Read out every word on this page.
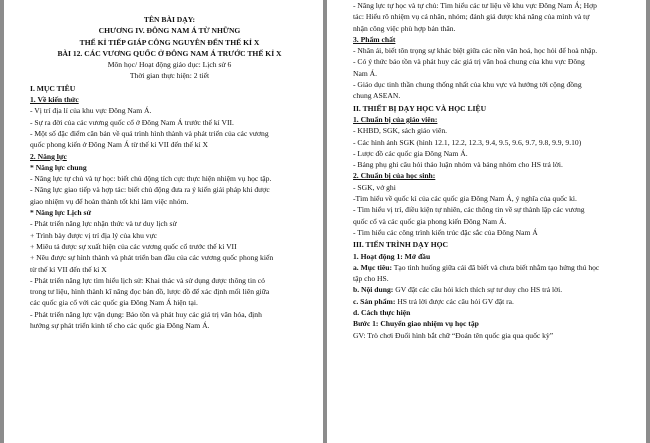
TÊN BÀI DẠY:
CHƯƠNG IV. ĐÔNG NAM Á TỪ NHỮNG
THẾ KỈ TIẾP GIÁP CÔNG NGUYÊN ĐẾN THẾ KỈ X
BÀI 12. CÁC VƯƠNG QUỐC Ở ĐÔNG NAM Á TRƯỚC THẾ KỈ X
Môn học/ Hoạt động giáo dục: Lịch sử 6
Thời gian thực hiện: 2 tiết
I. MỤC TIÊU
1. Về kiến thức
- Vị trí địa lí của khu vực Đông Nam Á.
- Sự ra đời của các vương quốc cổ ở Đông Nam Á trước thế kỉ VII.
- Một số đặc điểm căn bản về quá trình hình thành và phát triển của các vương
quốc phong kiến ở Đông Nam Á từ thế kỉ VII đến thế kỉ X
2. Năng lực
* Năng lực chung
- Năng lực tự chủ và tự học: biết chủ động tích cực thực hiện nhiệm vụ học tập.
- Năng lực giao tiếp và hợp tác: biết chủ động đưa ra ý kiến giải pháp khi được
giao nhiệm vụ để hoàn thành tốt khi làm việc nhóm.
* Năng lực Lịch sử
- Phát triển năng lực nhận thức và tư duy lịch sử
+ Trình bày được vị trí địa lý của khu vực
+ Miêu tả được sự xuất hiện của các vương quốc cổ trước thế kỉ VII
+ Nêu được sự hình thành và phát triển ban đầu của các vương quốc phong kiến
từ thế kỉ VII đến thế kỉ X
- Phát triển năng lực tìm hiểu lịch sử: Khai thác và sử dụng được thông tin có
trong tư liệu, hình thành kĩ năng đọc bản đồ, lược đồ để xác định mối liên giữa
các quốc gia cổ với các quốc gia Đông Nam Á hiện tại.
- Phát triển năng lực vận dụng: Bảo tồn và phát huy các giá trị văn hóa, định
hướng sự phát triển kinh tế cho các quốc gia Đông Nam Á.
- Năng lực tự học và tự chủ: Tìm hiểu các tư liệu về khu vực Đông Nam Á; Hợp
tác: Hiểu rõ nhiệm vụ cá nhân, nhóm; đánh giá được khả năng của mình và tự
nhận công việc phù hợp bản thân.
3. Phẩm chất
- Nhân ái, biết tôn trọng sự khác biệt giữa các nền văn hoá, học hỏi để hoà nhập.
- Có ý thức bảo tồn và phát huy các giá trị văn hoá chung của khu vực Đông
Nam Á.
- Giáo dục tinh thần chung thống nhất của khu vực và hướng tới cộng đồng
chung ASEAN.
II. THIẾT BỊ DẠY HỌC VÀ HỌC LIỆU
1. Chuẩn bị của giáo viên:
- KHBD, SGK, sách giáo viên.
- Các hình ảnh SGK (hình 12.1, 12.2, 12.3, 9.4, 9.5, 9.6, 9.7, 9.8, 9.9, 9.10)
- Lược đồ các quốc gia Đông Nam Á.
- Bảng phụ ghi câu hỏi thảo luận nhóm và bảng nhóm cho HS trả lời.
2. Chuẩn bị của học sinh:
- SGK, vở ghi
-Tìm hiểu về quốc kì của các quốc gia Đông Nam Á, ý nghĩa của quốc kì.
- Tìm hiểu vị trí, điều kiện tự nhiên, các thông tin về sự thành lập các vương
quốc cổ và các quốc gia phong kiến Đông Nam Á.
- Tìm hiểu các công trình kiến trúc đặc sắc của Đông Nam Á
III. TIẾN TRÌNH DẠY HỌC
1. Hoạt động 1: Mở đầu
a. Mục tiêu: Tạo tình huống giữa cái đã biết và chưa biết nhằm tạo hứng thú học
tập cho HS.
b. Nội dung: GV đặt các câu hỏi kích thích sự tư duy cho HS trả lời.
c. Sản phẩm: HS trả lời được các câu hỏi GV đặt ra.
d. Cách thực hiện
Bước 1: Chuyển giao nhiệm vụ học tập
GV: Trò chơi Đuổi hình bắt chữ “Đoán tên quốc gia qua quốc kỳ”
